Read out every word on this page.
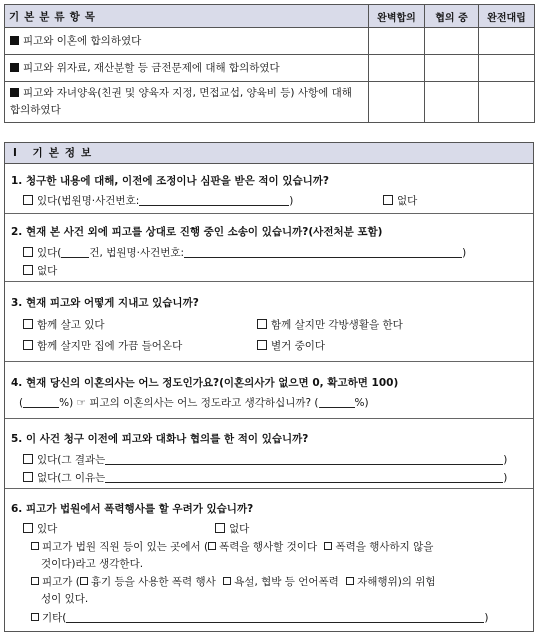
기본분류항목	완벽합의	협의 중	완전대립
피고와 이혼에 합의하였다			
피고와 위자료, 재산분할 등 금전문제에 대해 합의하였다			
피고와 자녀양육(친권 및 양육자 지정, 면접교섭, 양육비 등) 사항에 대해 합의하였다			
I 기본정보
1. 청구한 내용에 대해, 이전에 조정이나 심판을 받은 적이 있습니까?
있다(법원명·사건번호:	)	없다
2. 현재 본 사건 외에 피고를 상대로 진행 중인 소송이 있습니까?(사전처분 포함)
있다(	건, 법원명·사건번호:	)
없다
3. 현재 피고와 어떻게 지내고 있습니까?
함께 살고 있다	함께 살지만 각방생활을 한다
함께 살지만 집에 가끔 들어온다	별거 중이다
4. 현재 당신의 이혼의사는 어느 정도인가요?(이혼의사가 없으면 0, 확고하면 100)
(	%) ☞ 피고의 이혼의사는 어느 정도라고 생각하십니까? (	%)
5. 이 사건 청구 이전에 피고와 대화나 협의를 한 적이 있습니까?
있다(그 결과는	)
없다(그 이유는	)
6. 피고가 법원에서 폭력행사를 할 우려가 있습니까?
있다	없다
피고가 법원 직원 등이 있는 곳에서 ( 폭력을 행사할 것이다 폭력을 행사하지 않을
것이다)라고 생각한다.
피고가 ( 흉기 등을 사용한 폭력 행사 욕설, 협박 등 언어폭력 자해행위)의 위험
성이 있다.
기타(	)
